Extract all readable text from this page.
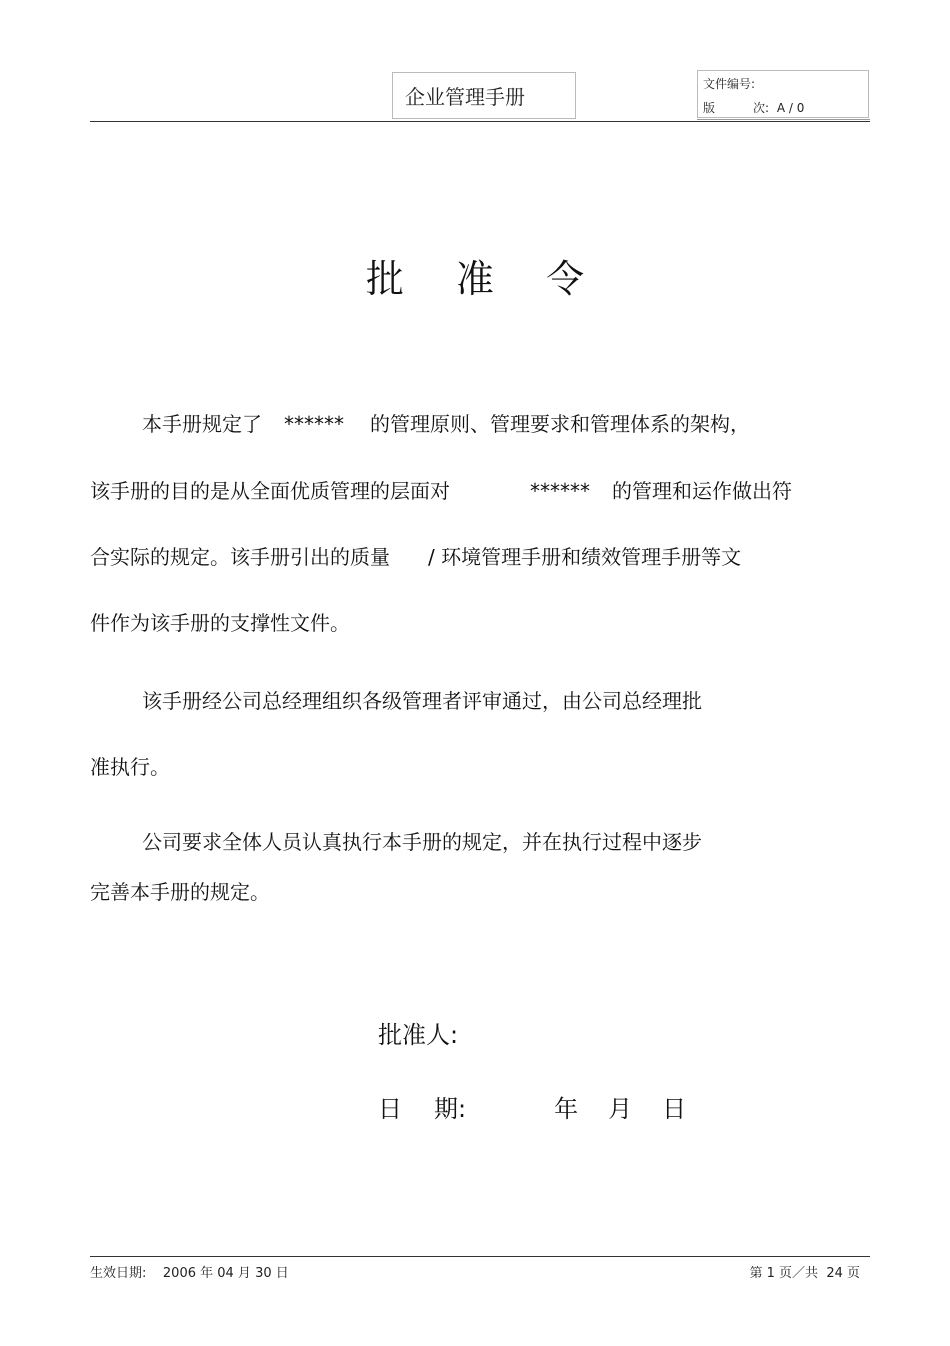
企业管理手册
文件编号:
版	次: A / 0
批 准 令
本手册规定了 ****** 的管理原则、管理要求和管理体系的架构，
该手册的目的是从全面优质管理的层面对	****** 的管理和运作做出符
合实际的规定。该手册引出的质量 / 环境管理手册和绩效管理手册等文
件作为该手册的支撑性文件。
该手册经公司总经理组织各级管理者评审通过，由公司总经理批
准执行。
公司要求全体人员认真执行本手册的规定，并在执行过程中逐步
完善本手册的规定。
批准人:
日 期:	年 月 日
生效日期:    2006 年 04 月 30 日	第 1 页／共  24 页
